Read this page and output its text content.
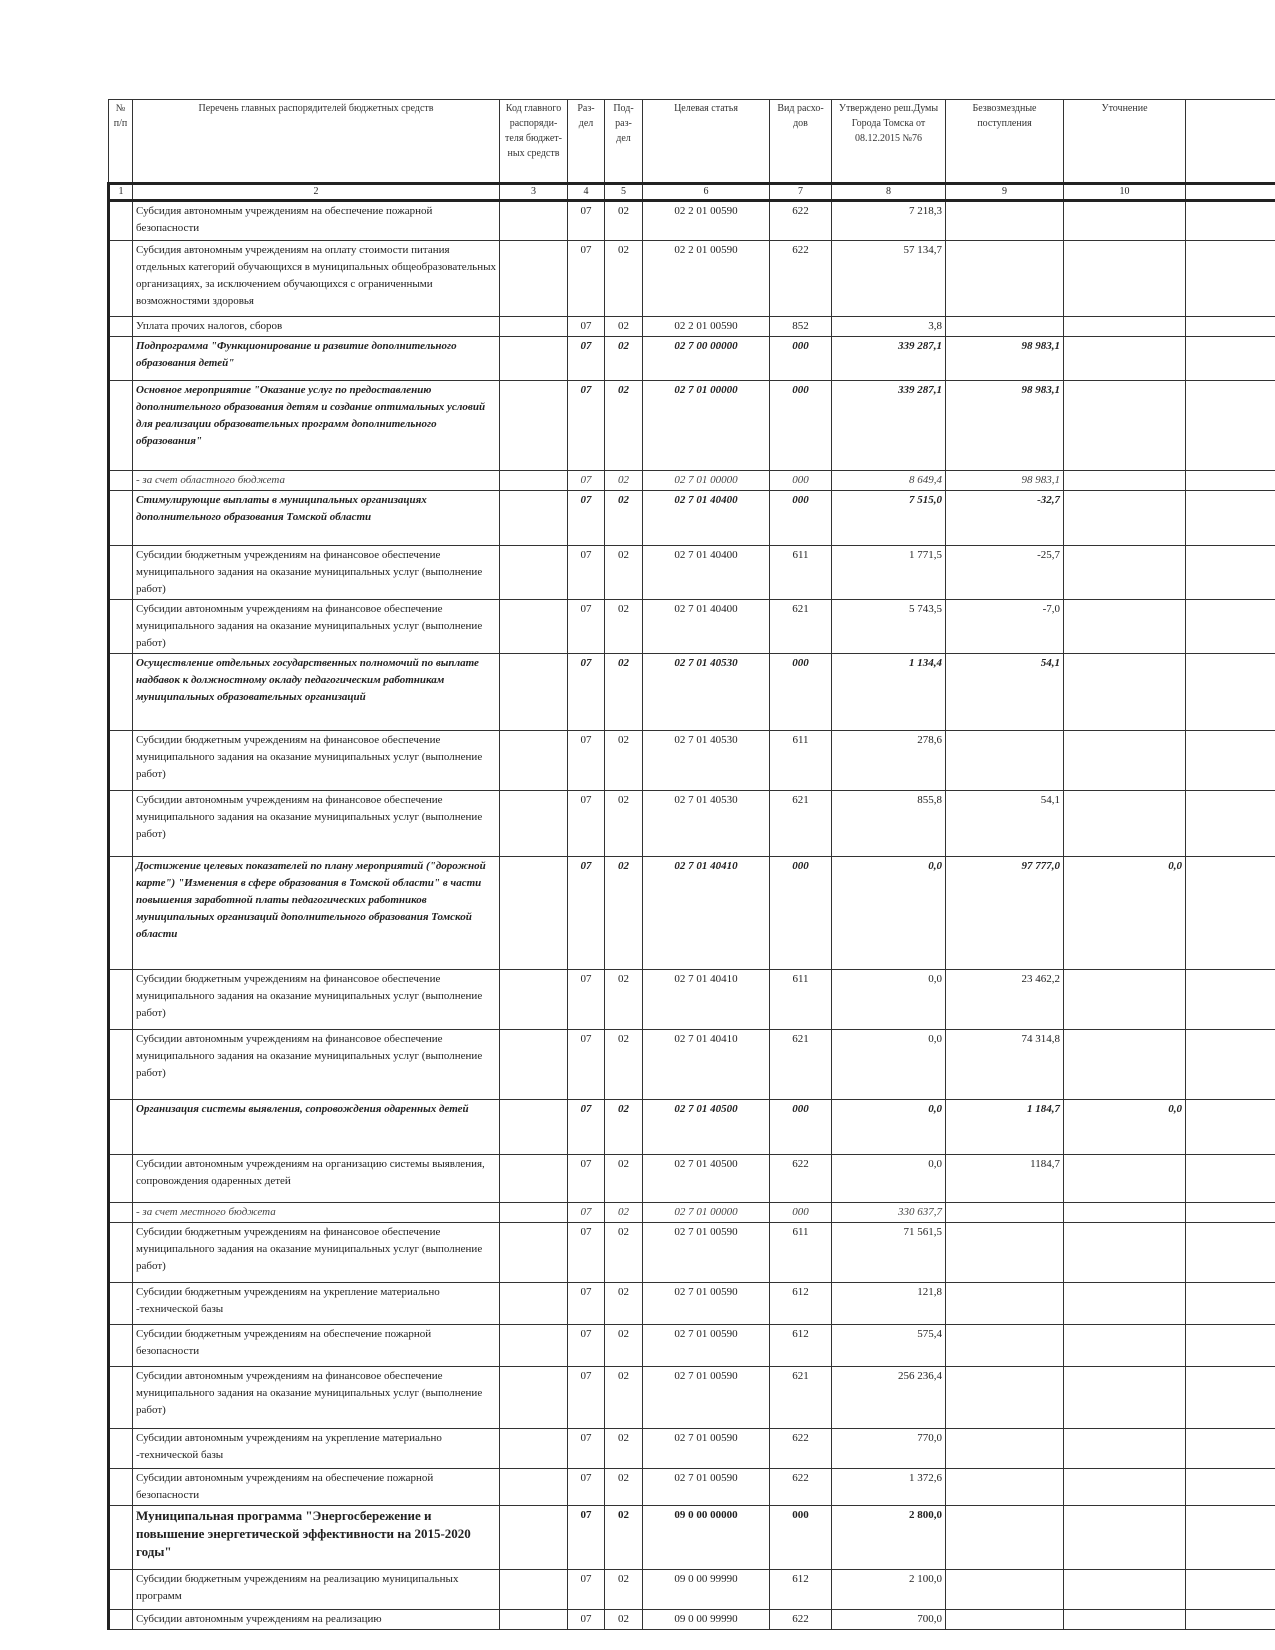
№ п/п	Перечень главных распорядителей бюджетных средств	Код главного распоряди-теля бюджет-ных средств	Раз-дел	Под-раз-дел	Целевая статья	Вид расхо-дов	Утверждено реш.Думы Города Томска от 08.12.2015 №76	Безвозмездные поступления	Уточнение	
1	2	3	4	5	6	7	8	9	10	
	Субсидия автономным учреждениям на обеспечение пожарной безопасности		07	02	02 2 01 00590	622	7 218,3			
	Субсидия автономным учреждениям на оплату стоимости питания отдельных категорий обучающихся в муниципальных общеобразовательных организациях, за исключением обучающихся с ограниченными возможностями здоровья		07	02	02 2 01 00590	622	57 134,7			
	Уплата прочих налогов, сборов		07	02	02 2 01 00590	852	3,8			
	Подпрограмма "Функционирование и развитие дополнительного образования детей"		07	02	02 7 00 00000	000	339 287,1	98 983,1		
	Основное мероприятие "Оказание услуг по предоставлению дополнительного образования детям и создание оптимальных условий для реализации образовательных программ дополнительного образования"		07	02	02 7 01 00000	000	339 287,1	98 983,1		
	- за счет областного бюджета		07	02	02 7 01 00000	000	8 649,4	98 983,1		
	Стимулирующие выплаты в муниципальных организациях дополнительного образования Томской области		07	02	02 7 01 40400	000	7 515,0	-32,7		
	Субсидии бюджетным учреждениям на финансовое обеспечение муниципального задания на оказание муниципальных услуг (выполнение работ)		07	02	02 7 01 40400	611	1 771,5	-25,7		
	Субсидии автономным учреждениям на финансовое обеспечение муниципального задания на оказание муниципальных услуг (выполнение работ)		07	02	02 7 01 40400	621	5 743,5	-7,0		
	Осуществление отдельных государственных полномочий по выплате надбавок к должностному окладу педагогическим работникам муниципальных образовательных организаций		07	02	02 7 01 40530	000	1 134,4	54,1		
	Субсидии бюджетным учреждениям на финансовое обеспечение муниципального задания на оказание муниципальных услуг (выполнение работ)		07	02	02 7 01 40530	611	278,6			
	Субсидии автономным учреждениям на финансовое обеспечение муниципального задания на оказание муниципальных услуг (выполнение работ)		07	02	02 7 01 40530	621	855,8	54,1		
	Достижение целевых показателей по плану мероприятий ("дорожной карте") "Изменения в сфере образования в Томской области" в части повышения заработной платы педагогических работников муниципальных организаций дополнительного образования Томской области		07	02	02 7 01 40410	000	0,0	97 777,0	0,0	
	Субсидии бюджетным учреждениям на финансовое обеспечение муниципального задания на оказание муниципальных услуг (выполнение работ)		07	02	02 7 01 40410	611	0,0	23 462,2		
	Субсидии автономным учреждениям на финансовое обеспечение муниципального задания на оказание муниципальных услуг (выполнение работ)		07	02	02 7 01 40410	621	0,0	74 314,8		
	Организация системы выявления, сопровождения одаренных детей		07	02	02 7 01 40500	000	0,0	1 184,7	0,0	
	Субсидии автономным учреждениям на организацию системы выявления, сопровождения одаренных детей		07	02	02 7 01 40500	622	0,0	1184,7		
	- за счет местного бюджета		07	02	02 7 01 00000	000	330 637,7			
	Субсидии бюджетным учреждениям на финансовое обеспечение муниципального задания на оказание муниципальных услуг (выполнение работ)		07	02	02 7 01 00590	611	71 561,5			
	Субсидии бюджетным учреждениям на укрепление материально -технической базы		07	02	02 7 01 00590	612	121,8			
	Субсидии бюджетным учреждениям на обеспечение пожарной безопасности		07	02	02 7 01 00590	612	575,4			
	Субсидии автономным учреждениям на финансовое обеспечение муниципального задания на оказание муниципальных услуг (выполнение работ)		07	02	02 7 01 00590	621	256 236,4			
	Субсидии автономным учреждениям на укрепление материально -технической базы		07	02	02 7 01 00590	622	770,0			
	Субсидии автономным учреждениям на обеспечение пожарной безопасности		07	02	02 7 01 00590	622	1 372,6			
	Муниципальная программа "Энергосбережение и повышение энергетической эффективности на 2015-2020 годы"		07	02	09 0 00 00000	000	2 800,0			
	Субсидии бюджетным учреждениям на реализацию муниципальных программ		07	02	09 0 00 99990	612	2 100,0			
	Субсидии автономным учреждениям на реализацию		07	02	09 0 00 99990	622	700,0			
